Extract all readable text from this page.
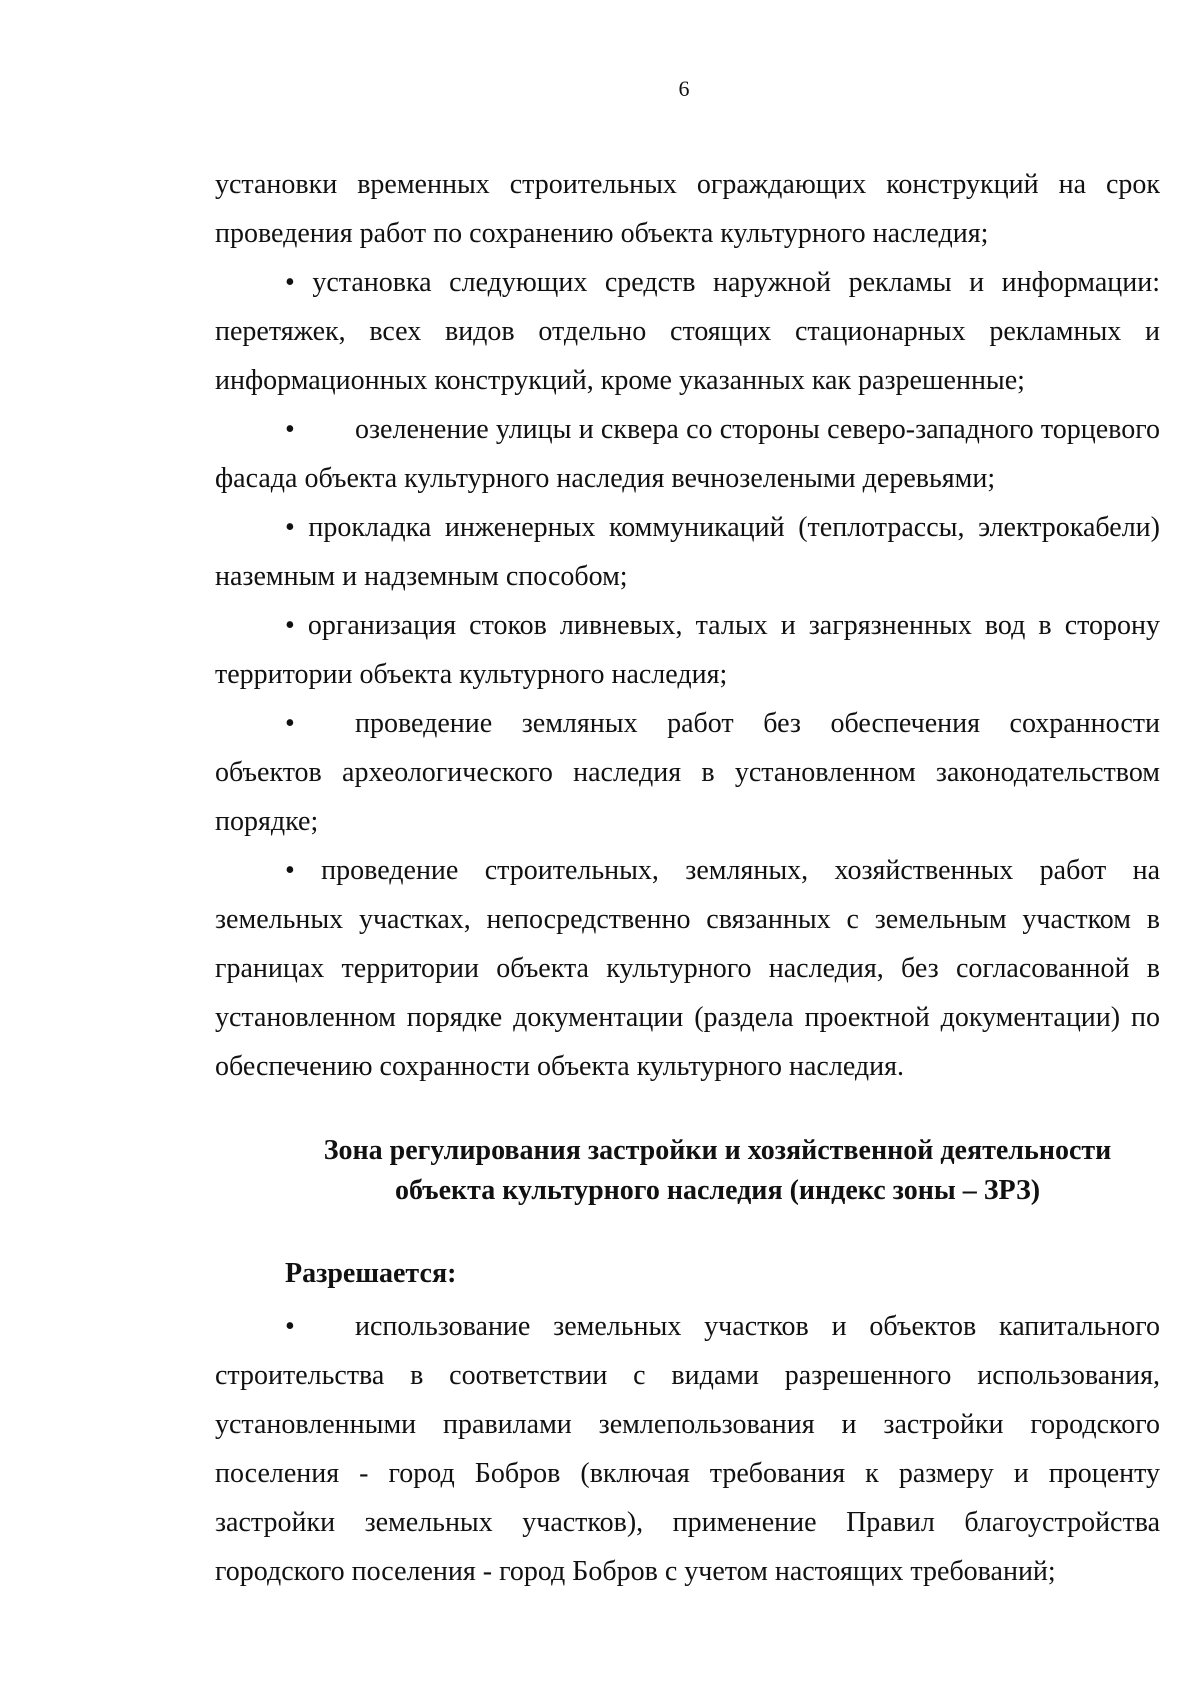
6

установки временных строительных ограждающих конструкций на срок проведения работ по сохранению объекта культурного наследия;

• установка следующих средств наружной рекламы и информации: перетяжек, всех видов отдельно стоящих стационарных рекламных и информационных конструкций, кроме указанных как разрешенные;

• озеленение улицы и сквера со стороны северо-западного торцевого фасада объекта культурного наследия вечнозелеными деревьями;

• прокладка инженерных коммуникаций (теплотрассы, электрокабели) наземным и надземным способом;

• организация стоков ливневых, талых и загрязненных вод в сторону территории объекта культурного наследия;

• проведение земляных работ без обеспечения сохранности объектов археологического наследия в установленном законодательством порядке;

• проведение строительных, земляных, хозяйственных работ на земельных участках, непосредственно связанных с земельным участком в границах территории объекта культурного наследия, без согласованной в установленном порядке документации (раздела проектной документации) по обеспечению сохранности объекта культурного наследия.

Зона регулирования застройки и хозяйственной деятельности
объекта культурного наследия (индекс зоны – ЗРЗ)

Разрешается:

• использование земельных участков и объектов капитального строительства в соответствии с видами разрешенного использования, установленными правилами землепользования и застройки городского поселения - город Бобров (включая требования к размеру и проценту застройки земельных участков), применение Правил благоустройства городского поселения - город Бобров с учетом настоящих требований;
